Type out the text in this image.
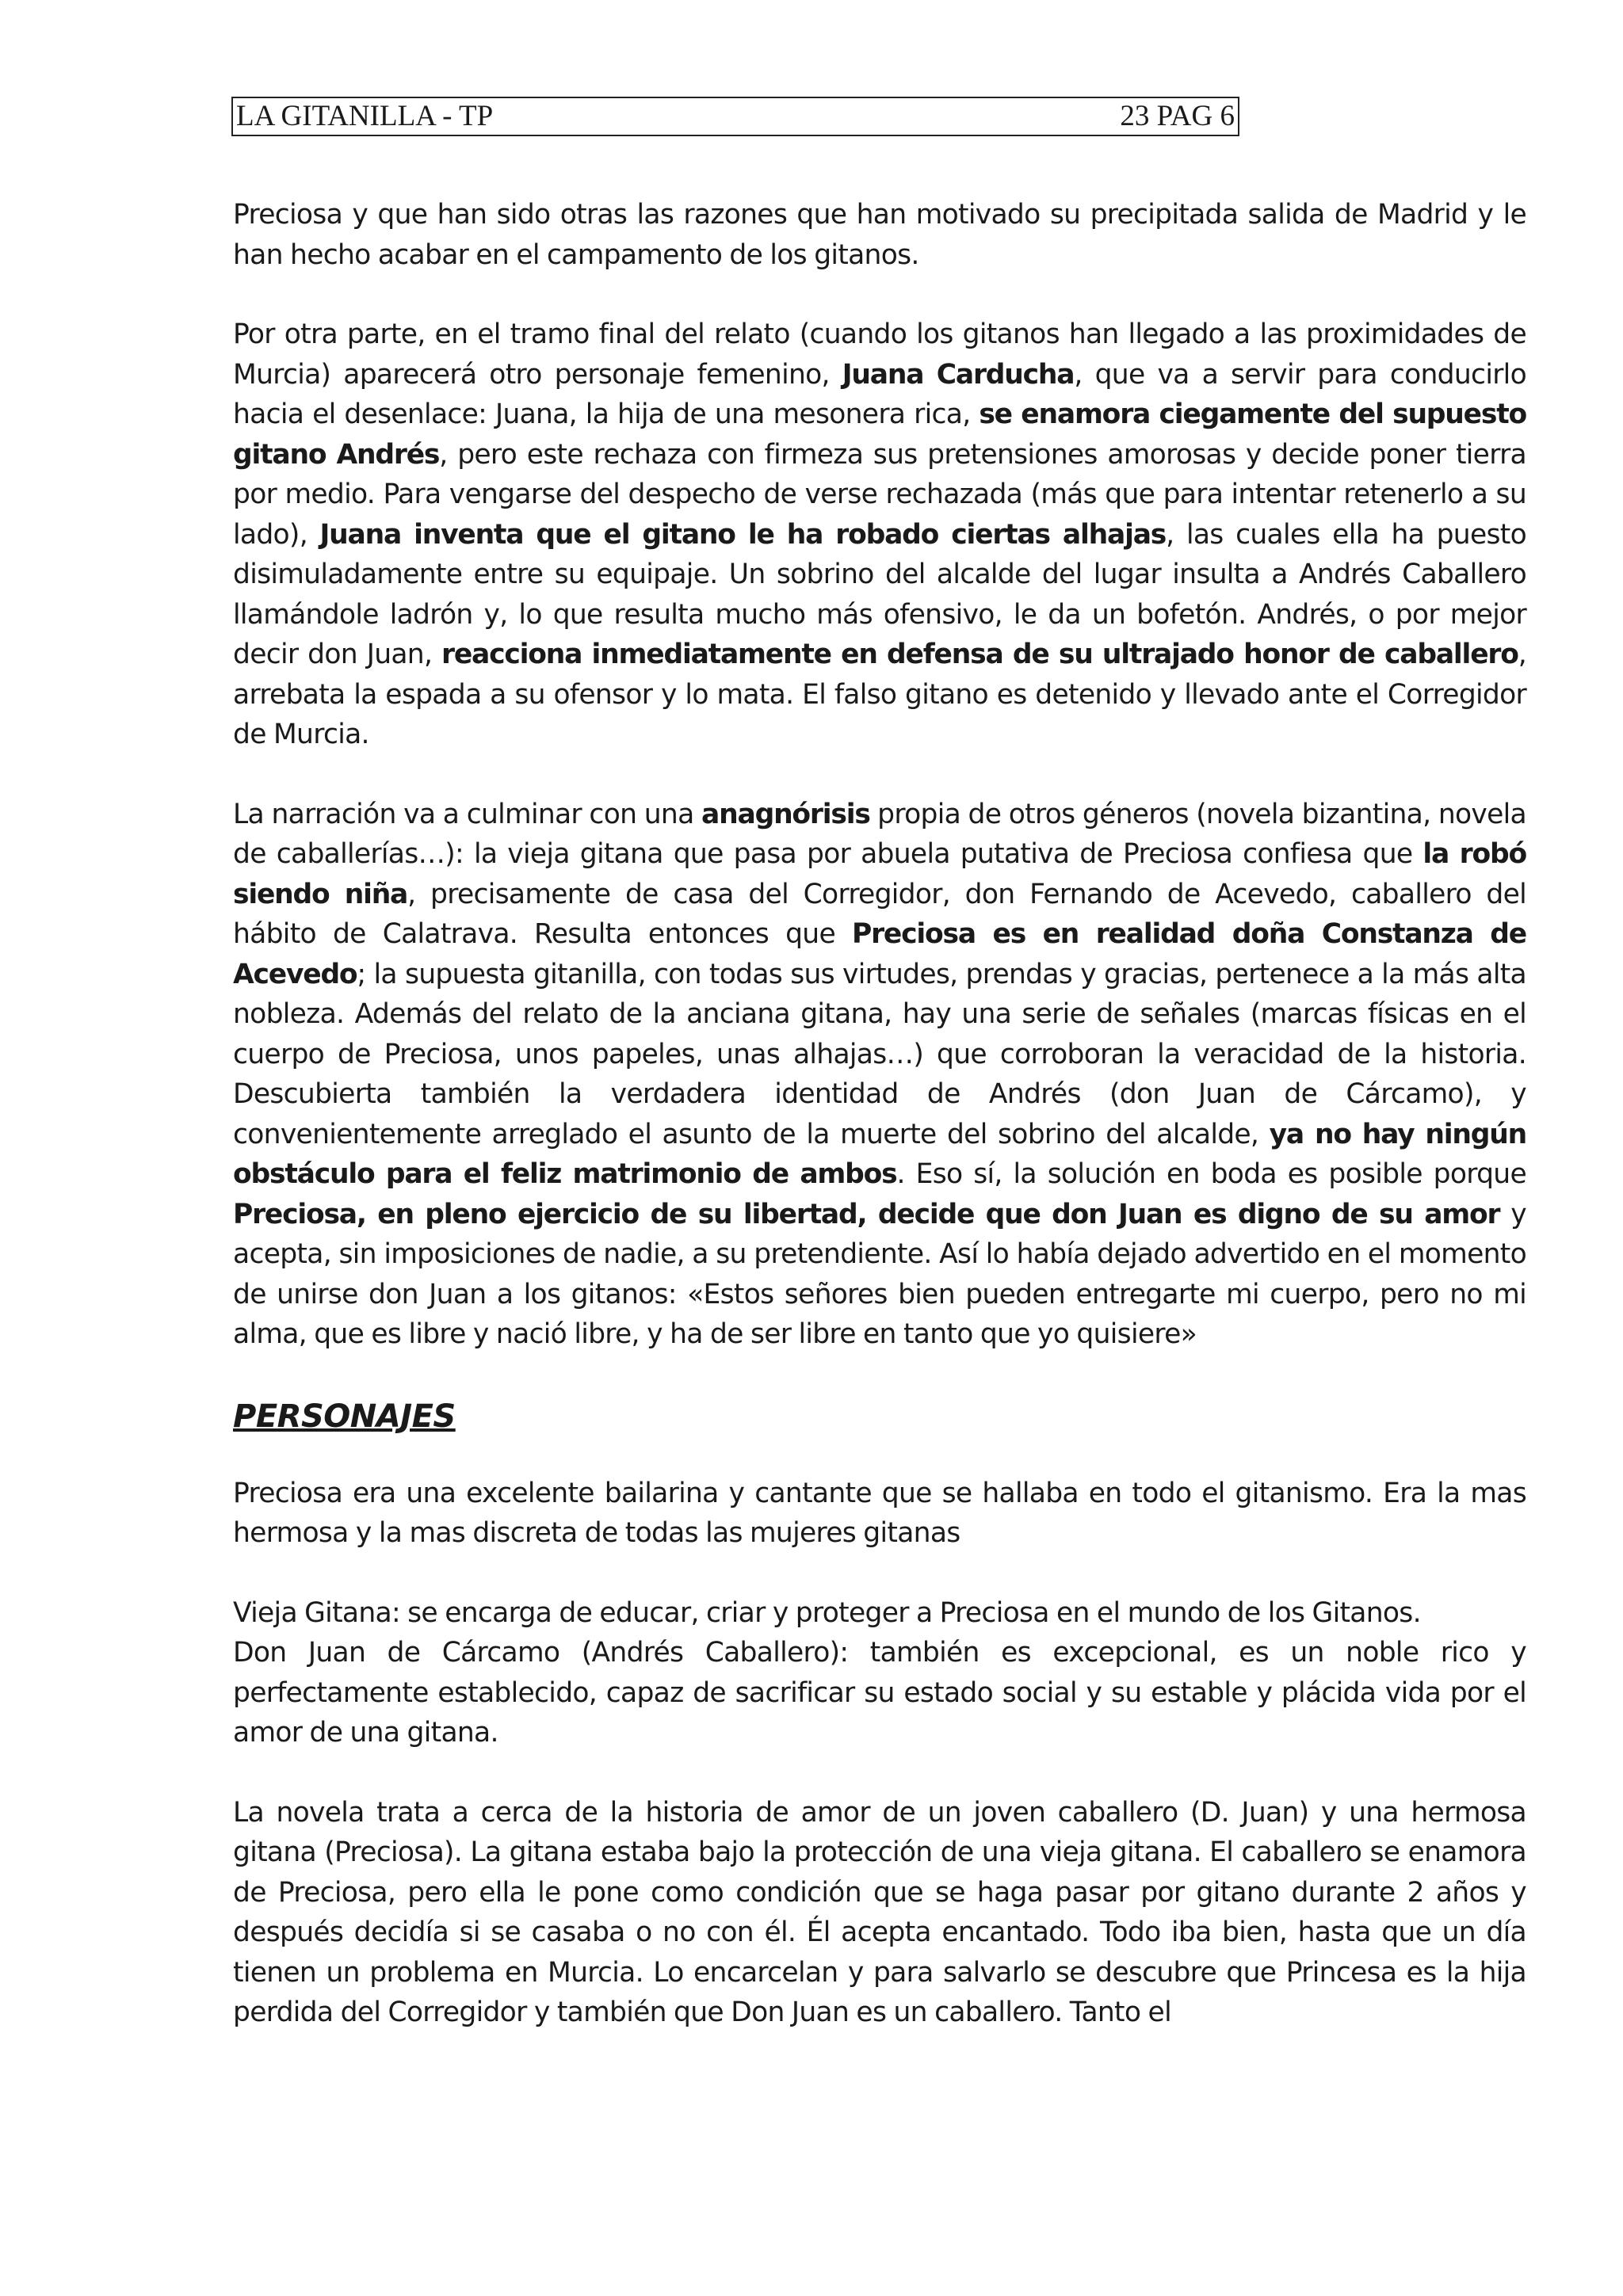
LA GITANILLA - TP	23 PAG 6

Preciosa y que han sido otras las razones que han motivado su precipitada salida de Madrid y le han hecho acabar en el campamento de los gitanos.

Por otra parte, en el tramo final del relato (cuando los gitanos han llegado a las proximidades de Murcia) aparecerá otro personaje femenino, Juana Carducha, que va a servir para conducirlo hacia el desenlace: Juana, la hija de una mesonera rica, se enamora ciegamente del supuesto gitano Andrés, pero este rechaza con firmeza sus pretensiones amorosas y decide poner tierra por medio. Para vengarse del despecho de verse rechazada (más que para intentar retenerlo a su lado), Juana inventa que el gitano le ha robado ciertas alhajas, las cuales ella ha puesto disimuladamente entre su equipaje. Un sobrino del alcalde del lugar insulta a Andrés Caballero llamándole ladrón y, lo que resulta mucho más ofensivo, le da un bofetón. Andrés, o por mejor decir don Juan, reacciona inmediatamente en defensa de su ultrajado honor de caballero, arrebata la espada a su ofensor y lo mata. El falso gitano es detenido y llevado ante el Corregidor de Murcia.

La narración va a culminar con una anagnórisis propia de otros géneros (novela bizantina, novela de caballerías…): la vieja gitana que pasa por abuela putativa de Preciosa confiesa que la robó siendo niña, precisamente de casa del Corregidor, don Fernando de Acevedo, caballero del hábito de Calatrava. Resulta entonces que Preciosa es en realidad doña Constanza de Acevedo; la supuesta gitanilla, con todas sus virtudes, prendas y gracias, pertenece a la más alta nobleza. Además del relato de la anciana gitana, hay una serie de señales (marcas físicas en el cuerpo de Preciosa, unos papeles, unas alhajas…) que corroboran la veracidad de la historia. Descubierta también la verdadera identidad de Andrés (don Juan de Cárcamo), y convenientemente arreglado el asunto de la muerte del sobrino del alcalde, ya no hay ningún obstáculo para el feliz matrimonio de ambos. Eso sí, la solución en boda es posible porque Preciosa, en pleno ejercicio de su libertad, decide que don Juan es digno de su amor y acepta, sin imposiciones de nadie, a su pretendiente. Así lo había dejado advertido en el momento de unirse don Juan a los gitanos: «Estos señores bien pueden entregarte mi cuerpo, pero no mi alma, que es libre y nació libre, y ha de ser libre en tanto que yo quisiere»

PERSONAJES

Preciosa era una excelente bailarina y cantante que se hallaba en todo el gitanismo. Era la mas hermosa y la mas discreta de todas las mujeres gitanas

Vieja Gitana: se encarga de educar, criar y proteger a Preciosa en el mundo de los Gitanos.

Don Juan de Cárcamo (Andrés Caballero): también es excepcional, es un noble rico y perfectamente establecido, capaz de sacrificar su estado social y su estable y plácida vida por el amor de una gitana.

La novela trata a cerca de la historia de amor de un joven caballero (D. Juan) y una hermosa gitana (Preciosa). La gitana estaba bajo la protección de una vieja gitana. El caballero se enamora de Preciosa, pero ella le pone como condición que se haga pasar por gitano durante 2 años y después decidía si se casaba o no con él. Él acepta encantado. Todo iba bien, hasta que un día tienen un problema en Murcia. Lo encarcelan y para salvarlo se descubre que Princesa es la hija perdida del Corregidor y también que Don Juan es un caballero. Tanto el
